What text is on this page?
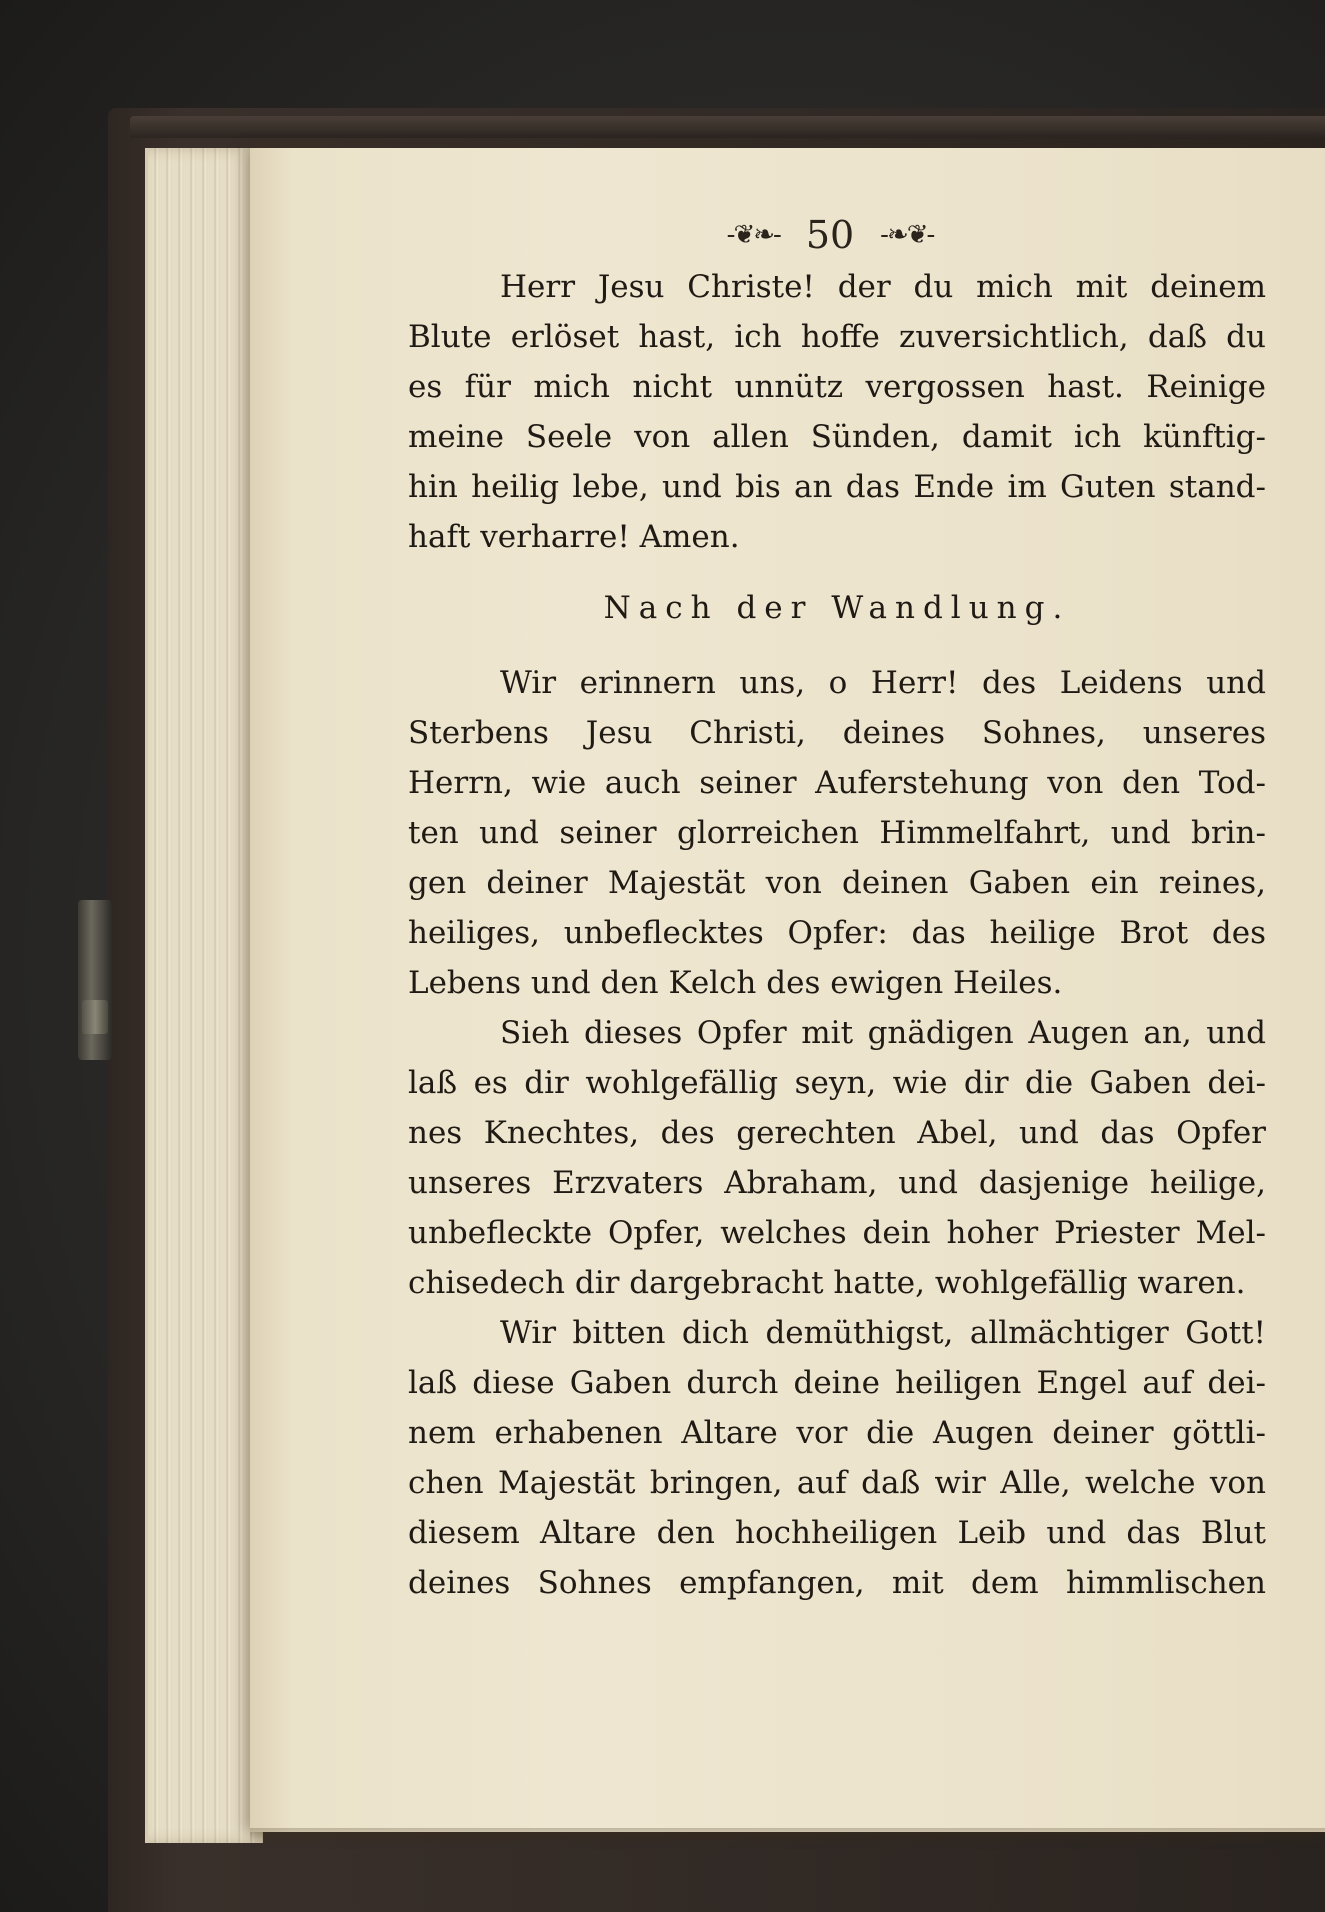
-❦❧- 50 -❧❦-
Herr Jesu Christe! der du mich mit deinem
Blute erlöset hast, ich hoffe zuversichtlich, daß du
es für mich nicht unnütz vergossen hast. Reinige
meine Seele von allen Sünden, damit ich künftig-
hin heilig lebe, und bis an das Ende im Guten stand-
haft verharre! Amen.
Nach der Wandlung.
Wir erinnern uns, o Herr! des Leidens und
Sterbens Jesu Christi, deines Sohnes, unseres
Herrn, wie auch seiner Auferstehung von den Tod-
ten und seiner glorreichen Himmelfahrt, und brin-
gen deiner Majestät von deinen Gaben ein reines,
heiliges, unbeflecktes Opfer: das heilige Brot des
Lebens und den Kelch des ewigen Heiles.
Sieh dieses Opfer mit gnädigen Augen an, und
laß es dir wohlgefällig seyn, wie dir die Gaben dei-
nes Knechtes, des gerechten Abel, und das Opfer
unseres Erzvaters Abraham, und dasjenige heilige,
unbefleckte Opfer, welches dein hoher Priester Mel-
chisedech dir dargebracht hatte, wohlgefällig waren.
Wir bitten dich demüthigst, allmächtiger Gott!
laß diese Gaben durch deine heiligen Engel auf dei-
nem erhabenen Altare vor die Augen deiner göttli-
chen Majestät bringen, auf daß wir Alle, welche von
diesem Altare den hochheiligen Leib und das Blut
deines Sohnes empfangen, mit dem himmlischen
